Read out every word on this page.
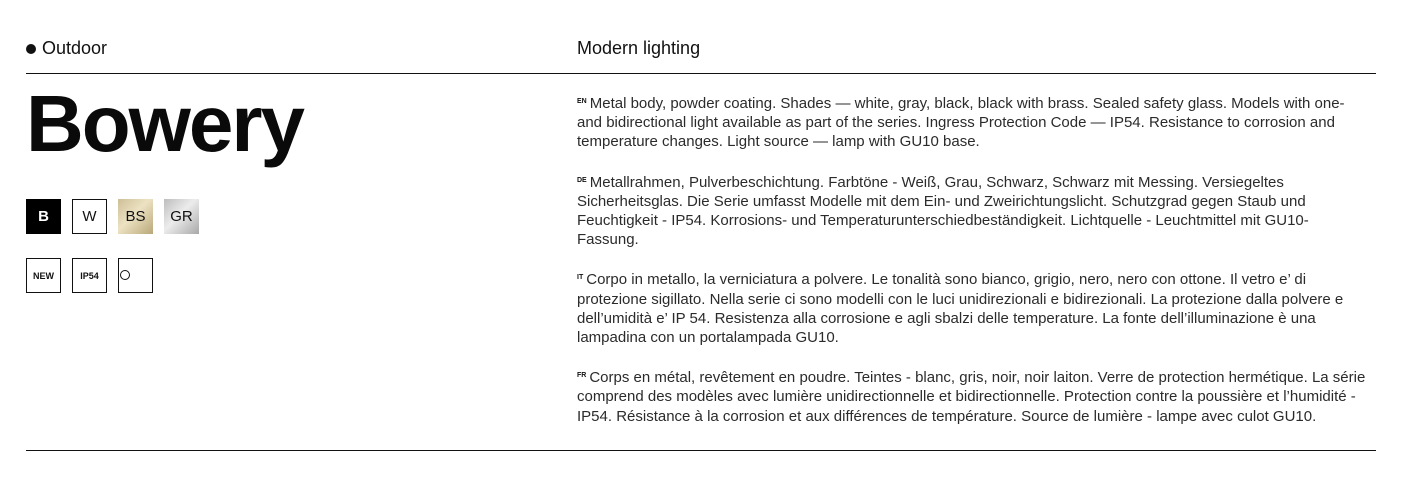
Outdoor	Modern lighting
Bowery
B	W	BS	GR
NEW	IP54

$^{EN}$ Metal body, powder coating. Shades — white, gray, black, black with brass. Sealed safety glass. Models with one- and bidirectional light available as part of the series. Ingress Protection Code — IP54. Resistance to corrosion and temperature changes. Light source — lamp with GU10 base.

$^{DE}$ Metallrahmen, Pulverbeschichtung. Farbtöne - Weiß, Grau, Schwarz, Schwarz mit Messing. Versiegeltes Sicherheitsglas. Die Serie umfasst Modelle mit dem Ein- und Zweirichtungslicht. Schutzgrad gegen Staub und Feuchtigkeit - IP54. Korrosions- und Temperaturunterschiedbeständigkeit. Lichtquelle - Leuchtmittel mit GU10-Fassung.

$^{IT}$ Corpo in metallo, la verniciatura a polvere. Le tonalità sono bianco, grigio, nero, nero con ottone. Il vetro e’ di protezione sigillato. Nella serie ci sono modelli con le luci unidirezionali e bidirezionali. La protezione dalla polvere e dell’umidità e’ IP 54. Resistenza alla corrosione e agli sbalzi delle temperature. La fonte dell’illuminazione è una lampadina con un portalampada GU10.

$^{FR}$ Corps en métal, revêtement en poudre. Teintes - blanc, gris, noir, noir laiton. Verre de protection hermétique. La série comprend des modèles avec lumière unidirectionnelle et bidirectionnelle. Protection contre la poussière et l’humidité - IP54. Résistance à la corrosion et aux différences de température. Source de lumière - lampe avec culot GU10.
